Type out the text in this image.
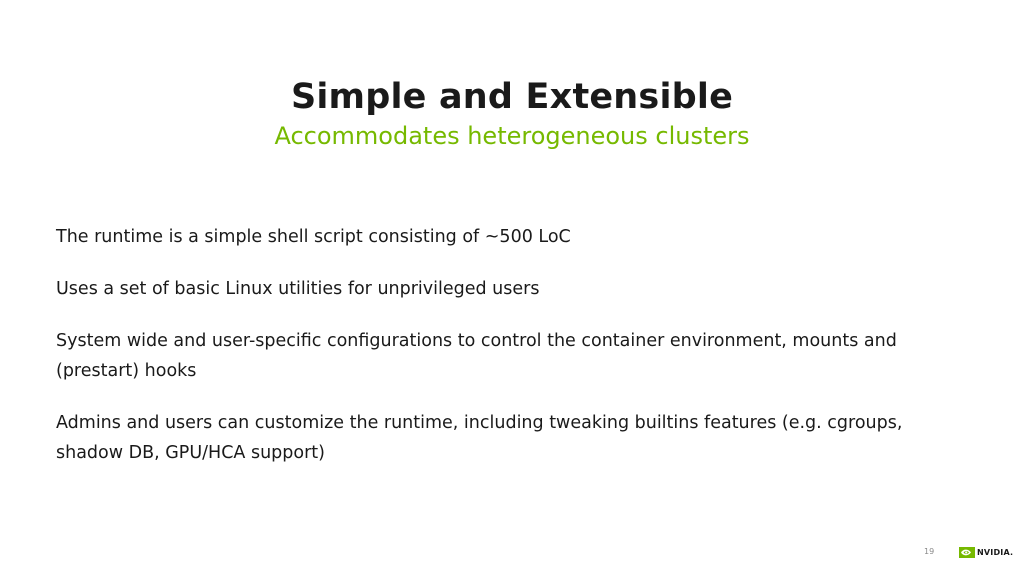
Simple and Extensible
Accommodates heterogeneous clusters
The runtime is a simple shell script consisting of ~500 LoC
Uses a set of basic Linux utilities for unprivileged users
System wide and user-specific configurations to control the container environment, mounts and (prestart) hooks
Admins and users can customize the runtime, including tweaking builtins features (e.g. cgroups, shadow DB, GPU/HCA support)
19	NVIDIA.
